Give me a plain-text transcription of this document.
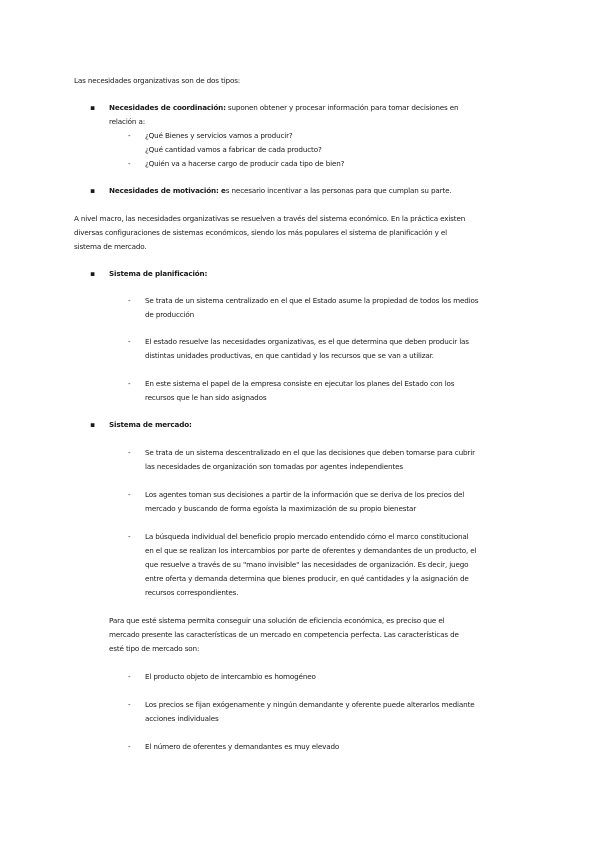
Las necesidades organizativas son de dos tipos:
▪ Necesidades de coordinación: suponen obtener y procesar información para tomar decisiones en
relación a:
- ¿Qué Bienes y servicios vamos a producir?
¿Qué cantidad vamos a fabricar de cada producto?
- ¿Quién va a hacerse cargo de producir cada tipo de bien?
▪ Necesidades de motivación: es necesario incentivar a las personas para que cumplan su parte.
A nivel macro, las necesidades organizativas se resuelven a través del sistema económico. En la práctica existen
diversas configuraciones de sistemas económicos, siendo los más populares el sistema de planificación y el
sistema de mercado.
▪ Sistema de planificación:
- Se trata de un sistema centralizado en el que el Estado asume la propiedad de todos los medios
de producción
- El estado resuelve las necesidades organizativas, es el que determina que deben producir las
distintas unidades productivas, en que cantidad y los recursos que se van a utilizar.
- En este sistema el papel de la empresa consiste en ejecutar los planes del Estado con los
recursos que le han sido asignados
▪ Sistema de mercado:
- Se trata de un sistema descentralizado en el que las decisiones que deben tomarse para cubrir
las necesidades de organización son tomadas por agentes independientes
- Los agentes toman sus decisiones a partir de la información que se deriva de los precios del
mercado y buscando de forma egoísta la maximización de su propio bienestar
- La búsqueda individual del beneficio propio mercado entendido cómo el marco constitucional
en el que se realizan los intercambios por parte de oferentes y demandantes de un producto, el
que resuelve a través de su "mano invisible" las necesidades de organización. Es decir, juego
entre oferta y demanda determina que bienes producir, en qué cantidades y la asignación de
recursos correspondientes.
Para que esté sistema permita conseguir una solución de eficiencia económica, es preciso que el
mercado presente las características de un mercado en competencia perfecta. Las características de
esté tipo de mercado son:
- El producto objeto de intercambio es homogéneo
- Los precios se fijan exógenamente y ningún demandante y oferente puede alterarlos mediante
acciones individuales
- El número de oferentes y demandantes es muy elevado
